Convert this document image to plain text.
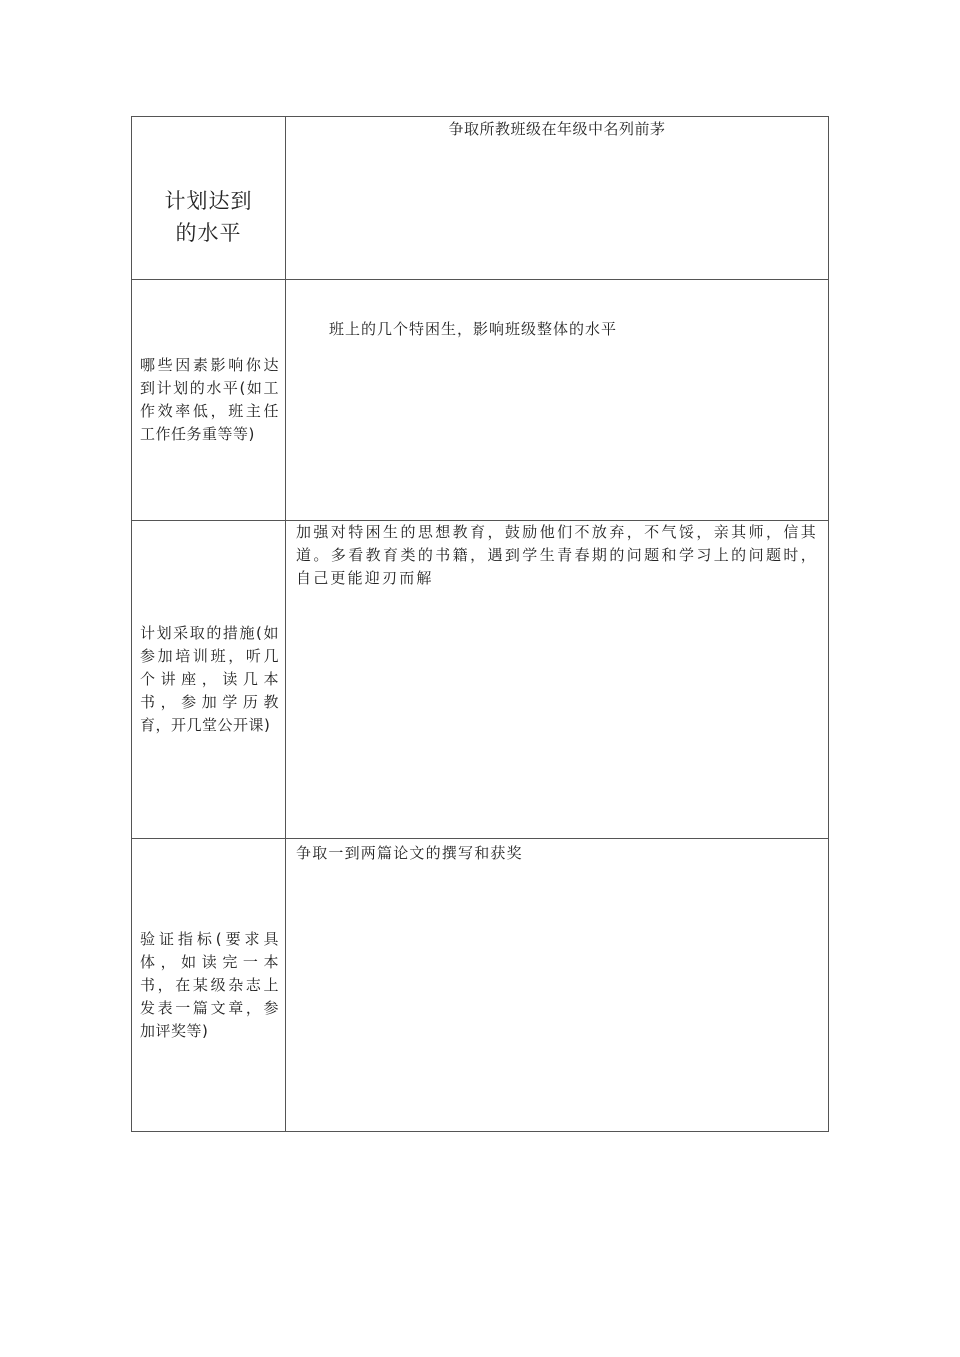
计划达到的水平	争取所教班级在年级中名列前茅

哪些因素影响你达到计划的水平(如工作效率低，班主任工作任务重等等)	班上的几个特困生，影响班级整体的水平

计划采取的措施(如参加培训班，听几个讲座，读几本书，参加学历教育，开几堂公开课)	加强对特困生的思想教育，鼓励他们不放弃，不气馁，亲其师，信其道。多看教育类的书籍，遇到学生青春期的问题和学习上的问题时，自己更能迎刃而解

验证指标(要求具体，如读完一本书，在某级杂志上发表一篇文章，参加评奖等)	争取一到两篇论文的撰写和获奖
